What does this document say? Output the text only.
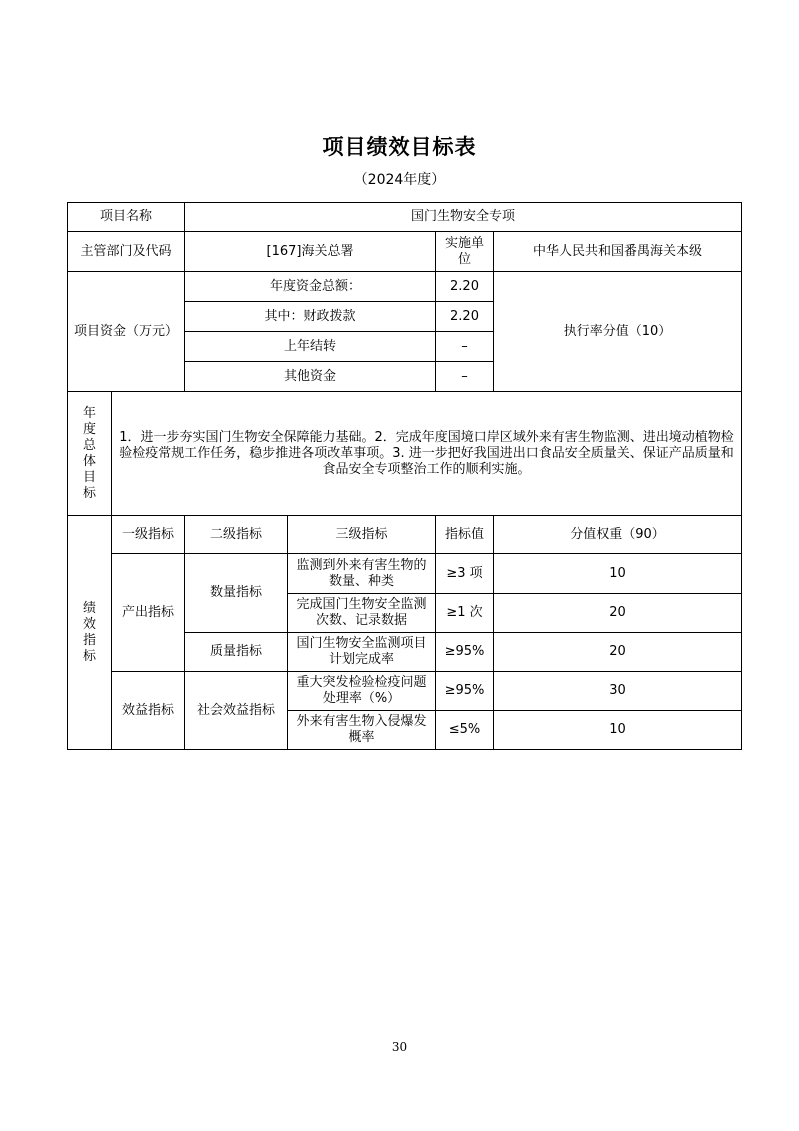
项目绩效目标表
（2024年度）
项目名称		国门生物安全专项			
主管部门及代码		[167]海关总署		实施单位	中华人民共和国番禺海关本级
项目资金（万元）		年度资金总额：		2.20	执行率分值（10）
		其中：财政拨款		2.20	
		上年结转		–	
		其他资金		–	

年度总体目标	1．进一步夯实国门生物安全保障能力基础。2．完成年度国境口岸区域外来有害生物监测、进出境动植物检验检疫常规工作任务，稳步推进各项改革事项。3. 进一步把好我国进出口食品安全质量关、保证产品质量和食品安全专项整治工作的顺利实施。				

绩效指标	一级指标	二级指标	三级指标	指标值	分值权重（90）
	产出指标	数量指标	监测到外来有害生物的数量、种类	≥3 项	10
			完成国门生物安全监测次数、记录数据	≥1 次	20
		质量指标	国门生物安全监测项目计划完成率	≥95%	20
	效益指标	社会效益指标	重大突发检验检疫问题处理率（%）	≥95%	30
			外来有害生物入侵爆发概率	≤5%	10
30
